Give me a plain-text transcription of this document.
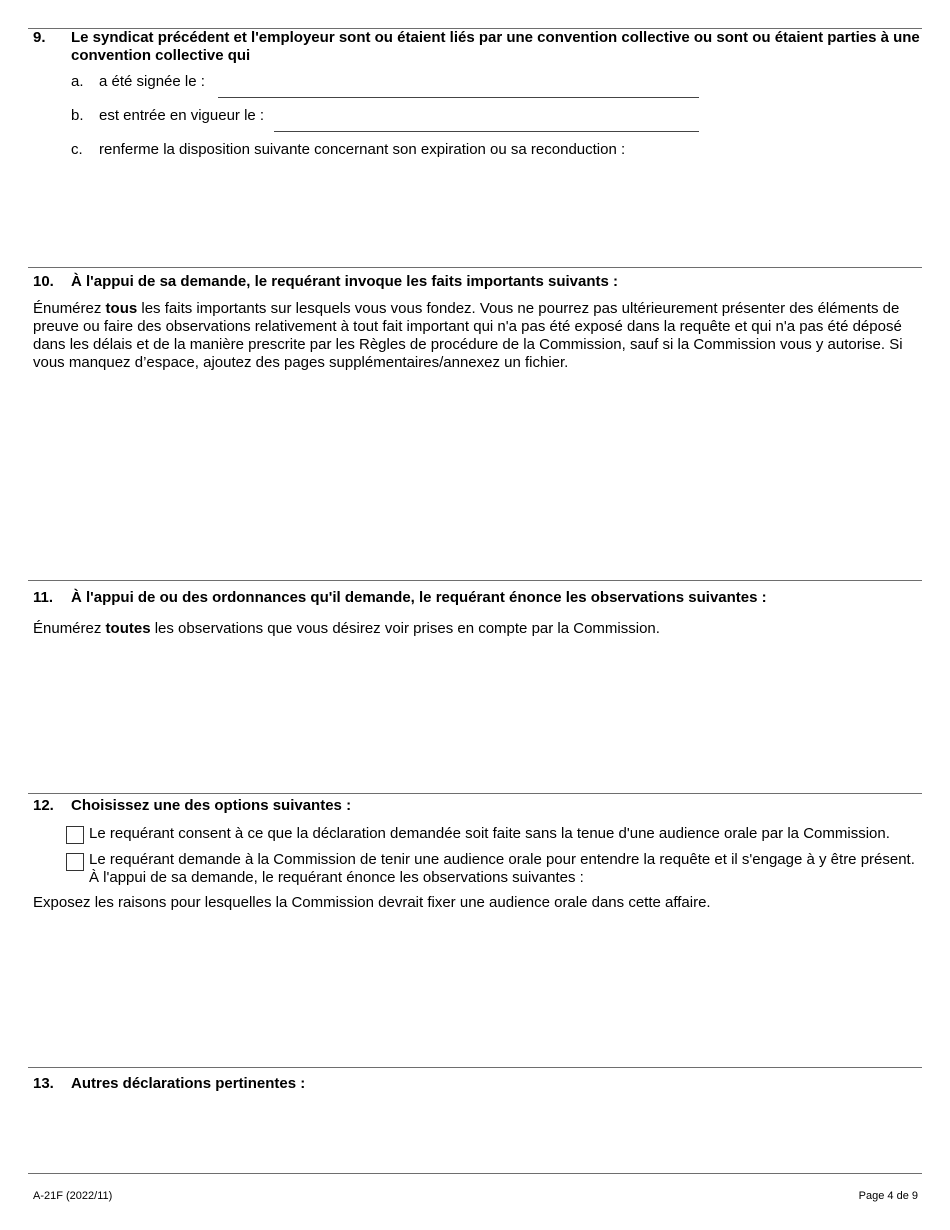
9. Le syndicat précédent et l'employeur sont ou étaient liés par une convention collective ou sont ou étaient parties à une convention collective qui
a. a été signée le :
b. est entrée en vigueur le :
c. renferme la disposition suivante concernant son expiration ou sa reconduction :
10. À l'appui de sa demande, le requérant invoque les faits importants suivants :
Énumérez tous les faits importants sur lesquels vous vous fondez. Vous ne pourrez pas ultérieurement présenter des éléments de preuve ou faire des observations relativement à tout fait important qui n'a pas été exposé dans la requête et qui n'a pas été déposé dans les délais et de la manière prescrite par les Règles de procédure de la Commission, sauf si la Commission vous y autorise. Si vous manquez d’espace, ajoutez des pages supplémentaires/annexez un fichier.
11. À l'appui de ou des ordonnances qu'il demande, le requérant énonce les observations suivantes :
Énumérez toutes les observations que vous désirez voir prises en compte par la Commission.
12. Choisissez une des options suivantes :
Le requérant consent à ce que la déclaration demandée soit faite sans la tenue d'une audience orale par la Commission.
Le requérant demande à la Commission de tenir une audience orale pour entendre la requête et il s'engage à y être présent. À l'appui de sa demande, le requérant énonce les observations suivantes :
Exposez les raisons pour lesquelles la Commission devrait fixer une audience orale dans cette affaire.
13. Autres déclarations pertinentes :
A-21F (2022/11)	Page 4 de 9
